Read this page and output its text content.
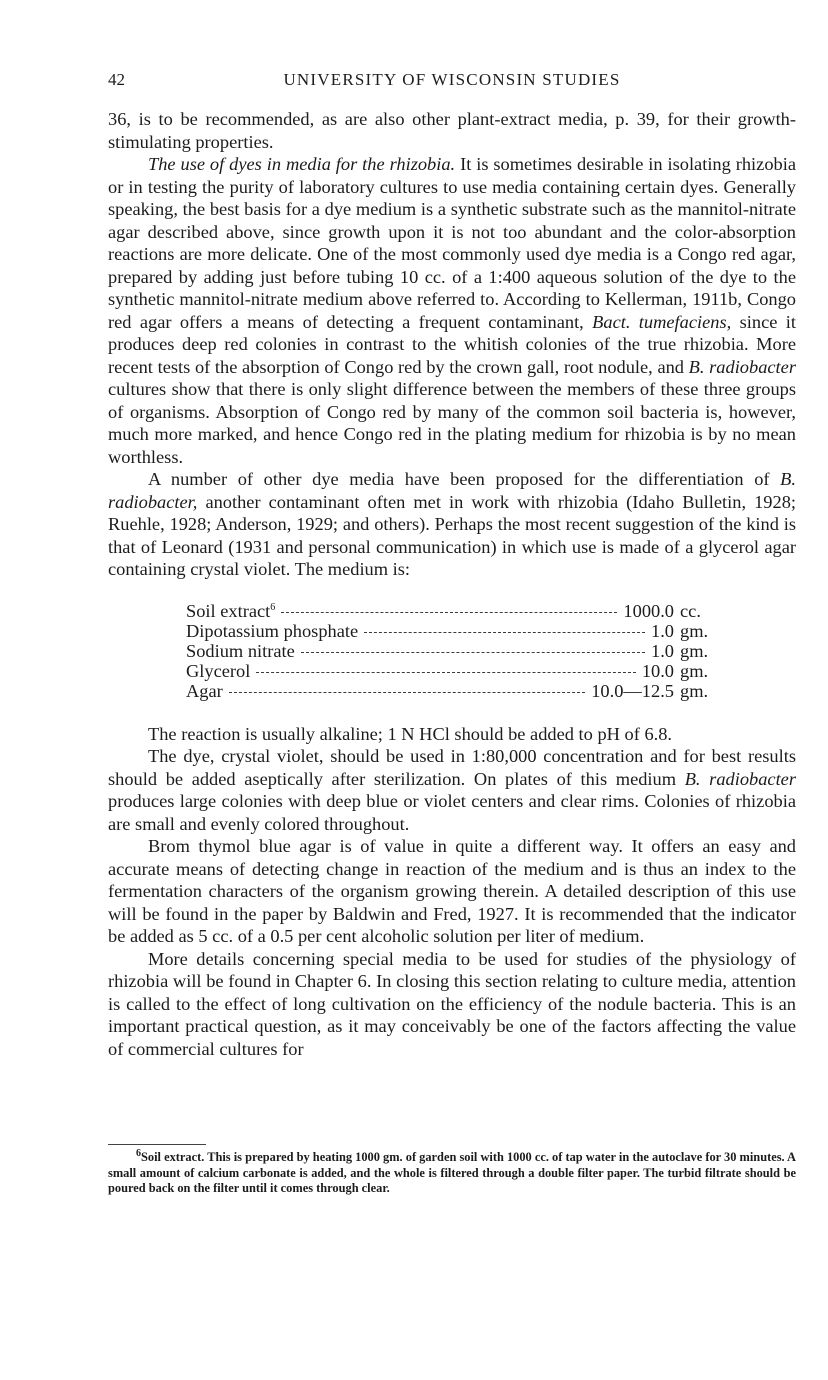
42	UNIVERSITY OF WISCONSIN STUDIES

36, is to be recommended, as are also other plant-extract media, p. 39, for their growth-stimulating properties.

The use of dyes in media for the rhizobia. It is sometimes desirable in isolating rhizobia or in testing the purity of laboratory cultures to use media containing certain dyes. Generally speaking, the best basis for a dye medium is a synthetic substrate such as the mannitol-nitrate agar described above, since growth upon it is not too abundant and the color-absorption reactions are more delicate. One of the most commonly used dye media is a Congo red agar, prepared by adding just before tubing 10 cc. of a 1:400 aqueous solution of the dye to the synthetic mannitol-nitrate medium above referred to. According to Kellerman, 1911b, Congo red agar offers a means of detecting a frequent contaminant, Bact. tumefaciens, since it produces deep red colonies in contrast to the whitish colonies of the true rhizobia. More recent tests of the absorption of Congo red by the crown gall, root nodule, and B. radiobacter cultures show that there is only slight difference between the members of these three groups of organisms. Absorption of Congo red by many of the common soil bacteria is, however, much more marked, and hence Congo red in the plating medium for rhizobia is by no mean worthless.

A number of other dye media have been proposed for the differentiation of B. radiobacter, another contaminant often met in work with rhizobia (Idaho Bulletin, 1928; Ruehle, 1928; Anderson, 1929; and others). Perhaps the most recent suggestion of the kind is that of Leonard (1931 and personal communication) in which use is made of a glycerol agar containing crystal violet. The medium is:

Soil extract$^6$	1000.0 cc.
Dipotassium phosphate	1.0 gm.
Sodium nitrate	1.0 gm.
Glycerol	10.0 gm.
Agar	10.0—12.5 gm.

The reaction is usually alkaline; 1 N HCl should be added to pH of 6.8.

The dye, crystal violet, should be used in 1:80,000 concentration and for best results should be added aseptically after sterilization. On plates of this medium B. radiobacter produces large colonies with deep blue or violet centers and clear rims. Colonies of rhizobia are small and evenly colored throughout.

Brom thymol blue agar is of value in quite a different way. It offers an easy and accurate means of detecting change in reaction of the medium and is thus an index to the fermentation characters of the organism growing therein. A detailed description of this use will be found in the paper by Baldwin and Fred, 1927. It is recommended that the indicator be added as 5 cc. of a 0.5 per cent alcoholic solution per liter of medium.

More details concerning special media to be used for studies of the physiology of rhizobia will be found in Chapter 6. In closing this section relating to culture media, attention is called to the effect of long cultivation on the efficiency of the nodule bacteria. This is an important practical question, as it may conceivably be one of the factors affecting the value of commercial cultures for

$^6$Soil extract. This is prepared by heating 1000 gm. of garden soil with 1000 cc. of tap water in the autoclave for 30 minutes. A small amount of calcium carbonate is added, and the whole is filtered through a double filter paper. The turbid filtrate should be poured back on the filter until it comes through clear.
